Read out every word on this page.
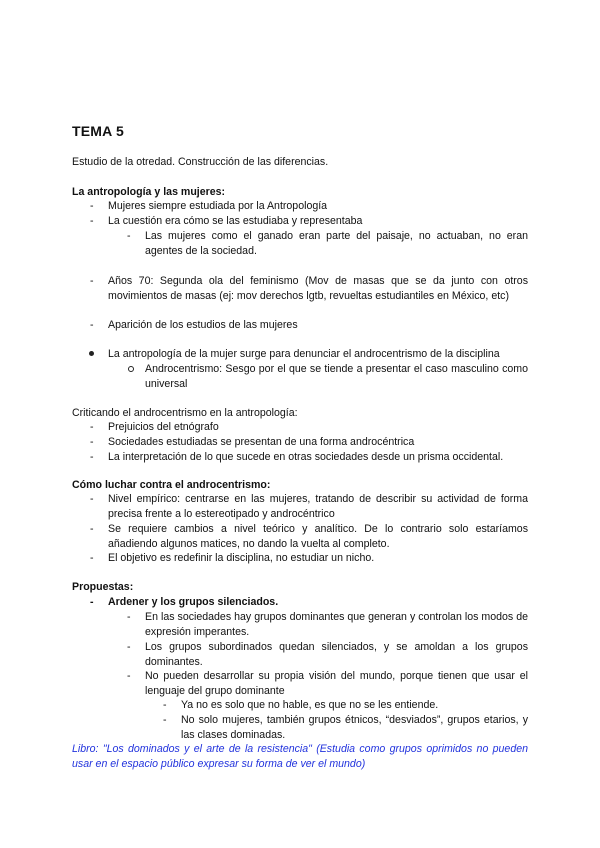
TEMA 5
Estudio de la otredad. Construcción de las diferencias.
La antropología y las mujeres:
-	Mujeres siempre estudiada por la Antropología
-	La cuestión era cómo se las estudiaba y representaba
-	Las mujeres como el ganado eran parte del paisaje, no actuaban, no eran agentes de la sociedad.
-	Años 70: Segunda ola del feminismo (Mov de masas que se da junto con otros movimientos de masas (ej: mov derechos lgtb, revueltas estudiantiles en México, etc)
-	Aparición de los estudios de las mujeres
La antropología de la mujer surge para denunciar el androcentrismo de la disciplina
Androcentrismo: Sesgo por el que se tiende a presentar el caso masculino como universal
Criticando el androcentrismo en la antropología:
-	Prejuicios del etnógrafo
-	Sociedades estudiadas se presentan de una forma androcéntrica
-	La interpretación de lo que sucede en otras sociedades desde un prisma occidental.
Cómo luchar contra el androcentrismo:
-	Nivel empírico: centrarse en las mujeres, tratando de describir su actividad de forma precisa frente a lo estereotipado y androcéntrico
-	Se requiere cambios a nivel teórico y analítico. De lo contrario solo estaríamos añadiendo algunos matices, no dando la vuelta al completo.
-	El objetivo es redefinir la disciplina, no estudiar un nicho.
Propuestas:
-	Ardener y los grupos silenciados.
-	En las sociedades hay grupos dominantes que generan y controlan los modos de expresión imperantes.
-	Los grupos subordinados quedan silenciados, y se amoldan a los grupos dominantes.
-	No pueden desarrollar su propia visión del mundo, porque tienen que usar el lenguaje del grupo dominante
-	Ya no es solo que no hable, es que no se les entiende.
-	No solo mujeres, también grupos étnicos, “desviados”, grupos etarios, y las clases dominadas.
Libro: "Los dominados y el arte de la resistencia" (Estudia como grupos oprimidos no pueden usar en el espacio público expresar su forma de ver el mundo)
